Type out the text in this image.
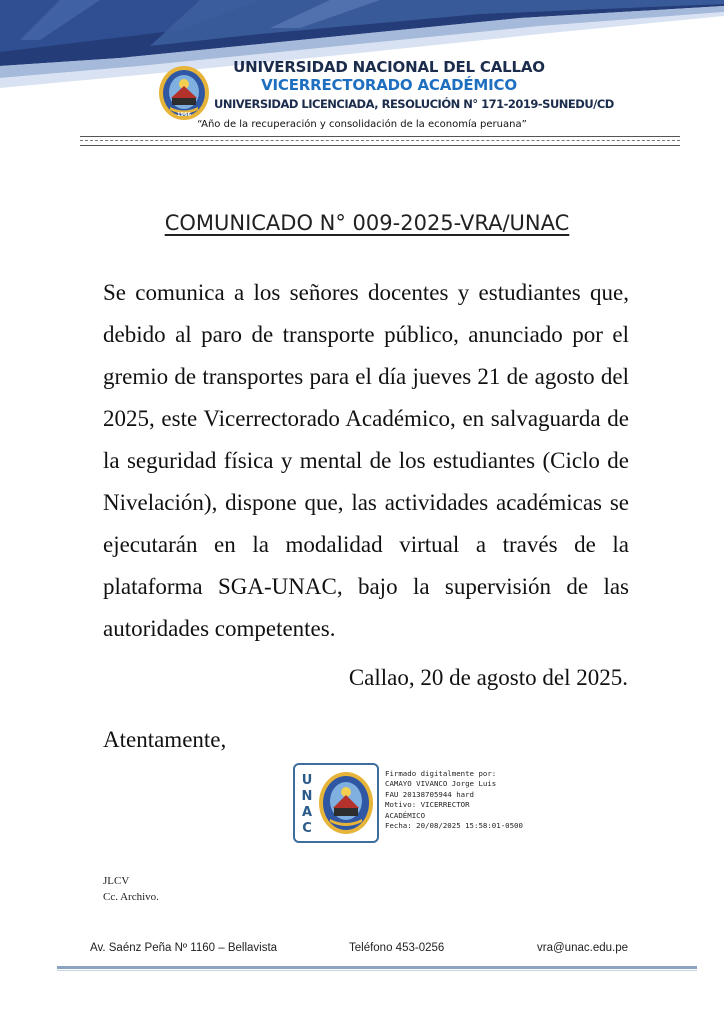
1966
UNIVERSIDAD NACIONAL DEL CALLAO
VICERRECTORADO ACADÉMICO
UNIVERSIDAD LICENCIADA, RESOLUCIÓN N° 171-2019-SUNEDU/CD
“Año de la recuperación y consolidación de la economía peruana”
COMUNICADO N° 009-2025-VRA/UNAC
Se comunica a los señores docentes y estudiantes que, debido al paro de transporte público, anunciado por el gremio de transportes para el día jueves 21 de agosto del 2025, este Vicerrectorado Académico, en salvaguarda de la seguridad física y mental de los estudiantes (Ciclo de Nivelación), dispone que, las actividades académicas se ejecutarán en la modalidad virtual a través de la plataforma SGA-UNAC, bajo la supervisión de las autoridades competentes.
Callao, 20 de agosto del 2025.
Atentamente,
U
N
A
C
Firmado digitalmente por:
CAMAYO VIVANCO Jorge Luis
FAU 20138705944 hard
Motivo: VICERRECTOR
ACADÉMICO
Fecha: 20/08/2025 15:58:01-0500
JLCV
Cc. Archivo.
Av. Saénz Peña Nº 1160 – Bellavista	Teléfono 453-0256	vra@unac.edu.pe
